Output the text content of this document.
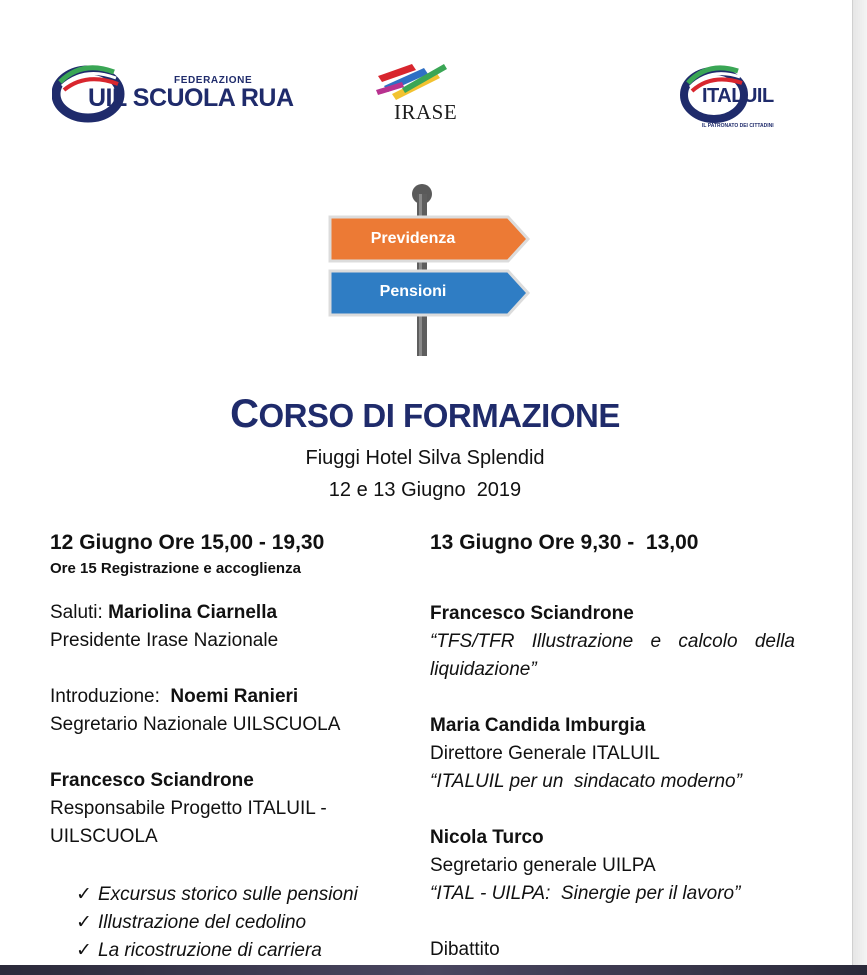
FEDERAZIONE
UIL SCUOLA RUA	IRASE
ITALUIL
IL PATRONATO DEI CITTADINI
Previdenza
Pensioni
CORSO DI FORMAZIONE
Fiuggi Hotel Silva Splendid
12 e 13 Giugno  2019
12 Giugno Ore 15,00 - 19,30
Ore 15 Registrazione e accoglienza

Saluti: Mariolina Ciarnella

Presidente Irase Nazionale

Introduzione:  Noemi Ranieri

Segretario Nazionale UILSCUOLA

Francesco Sciandrone

Responsabile Progetto ITALUIL - UILSCUOLA

✓ Excursus storico sulle pensioni
✓ Illustrazione del cedolino
✓ La ricostruzione di carriera
13 Giugno Ore 9,30 -  13,00

Francesco Sciandrone

“TFS/TFR Illustrazione e calcolo della liquidazione”

Maria Candida Imburgia

Direttore Generale ITALUIL

“ITALUIL per un  sindacato moderno”

Nicola Turco

Segretario generale UILPA

“ITAL - UILPA:  Sinergie per il lavoro”

Dibattito
